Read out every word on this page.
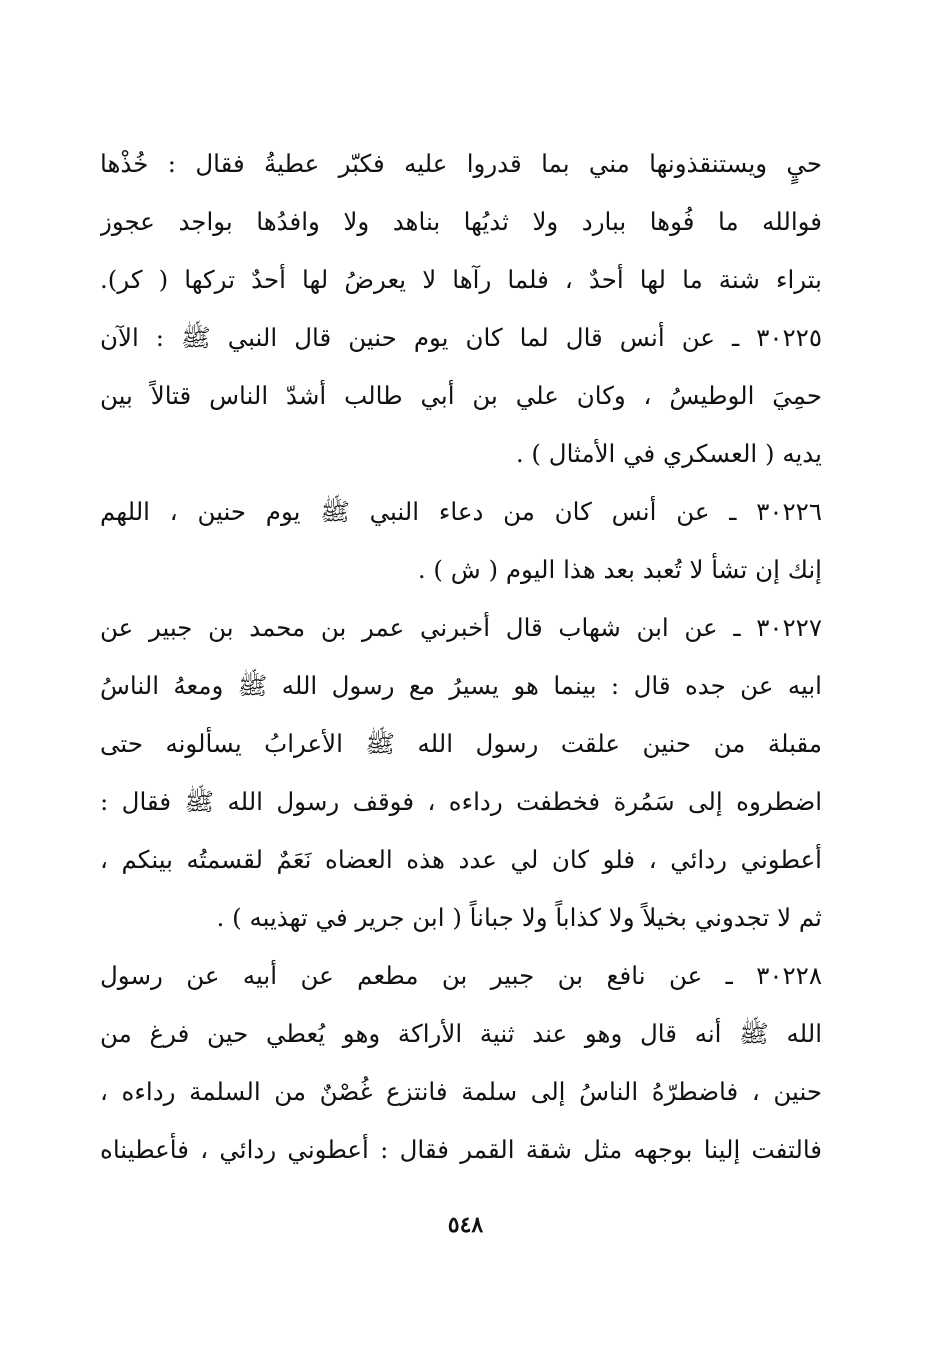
حيٍ ويستنقذونها مني بما قدروا عليه فكبّر عطيةُ فقال : خُذْها
فوالله ما فُوها ببارد ولا ثديُها بناهد ولا وافدُها بواجد عجوز
بتراء شنة ما لها أحدٌ ، فلما رآها لا يعرضُ لها أحدٌ تركها ( كر).
٣٠٢٢٥ ـ عن أنس قال لما كان يوم حنين قال النبي ﷺ : الآن
حمِيَ الوطيسُ ، وكان علي بن أبي طالب أشدّ الناس قتالاً بين
يديه ( العسكري في الأمثال ) .
٣٠٢٢٦ ـ عن أنس كان من دعاء النبي ﷺ يوم حنين ، اللهم
إنك إن تشأ لا تُعبد بعد هذا اليوم ( ش ) .
٣٠٢٢٧ ـ عن ابن شهاب قال أخبرني عمر بن محمد بن جبير عن
ابيه عن جده قال : بينما هو يسيرُ مع رسول الله ﷺ ومعهُ الناسُ
مقبلة من حنين علقت رسول الله ﷺ الأعرابُ يسألونه حتى
اضطروه إلى سَمُرة فخطفت رداءه ، فوقف رسول الله ﷺ فقال :
أعطوني ردائي ، فلو كان لي عدد هذه العضاه نَعَمٌ لقسمتُه بينكم ،
ثم لا تجدوني بخيلاً ولا كذاباً ولا جباناً ( ابن جرير في تهذيبه ) .
٣٠٢٢٨ ـ عن نافع بن جبير بن مطعم عن أبيه عن رسول
الله ﷺ أنه قال وهو عند ثنية الأراكة وهو يُعطي حين فرغ من
حنين ، فاضطرّهُ الناسُ إلى سلمة فانتزع غُصْنٌ من السلمة رداءه ،
فالتفت إلينا بوجهه مثل شقة القمر فقال : أعطوني ردائي ، فأعطيناه
٥٤٨
